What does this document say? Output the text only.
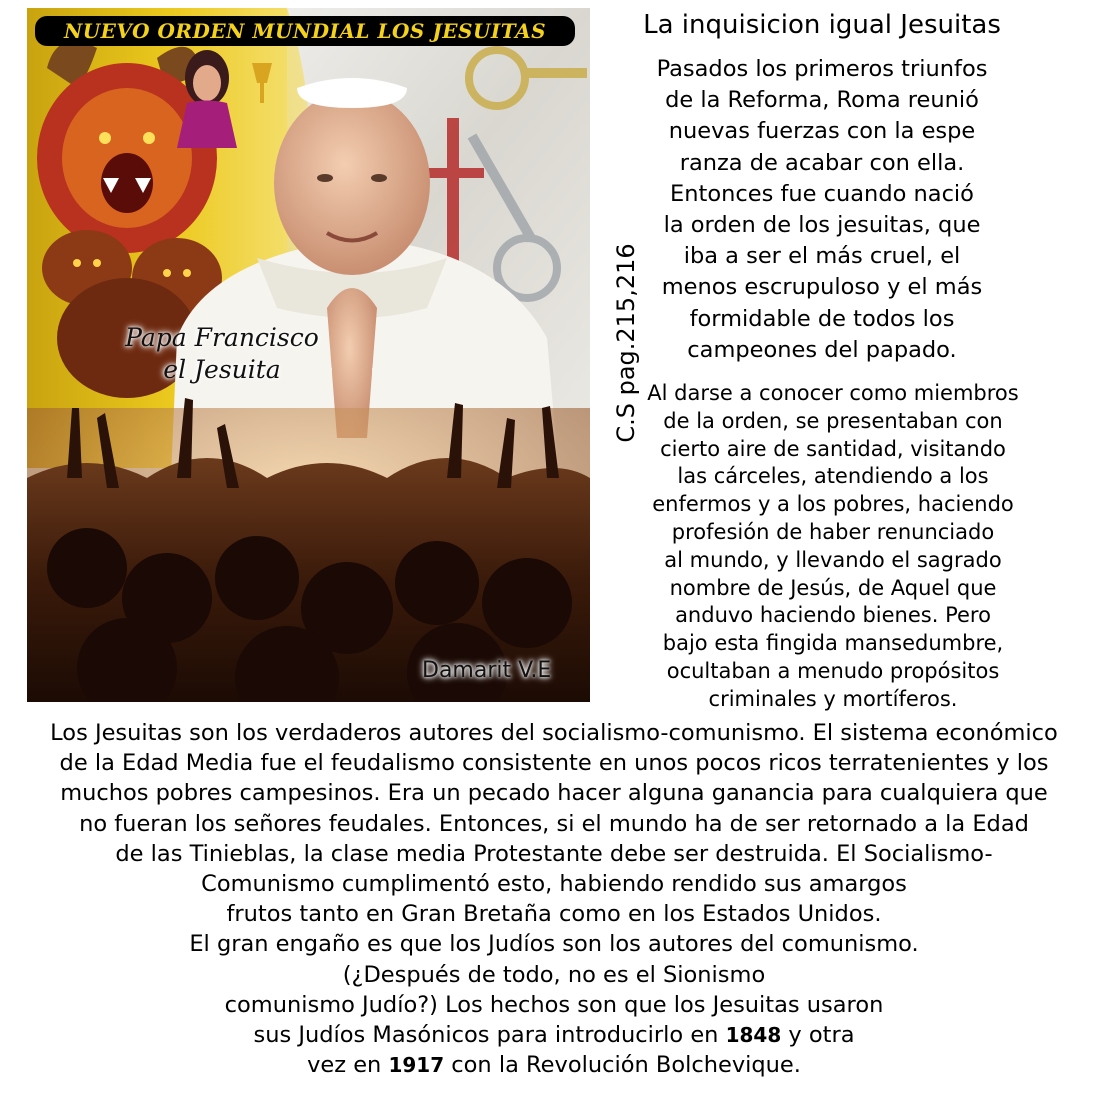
NUEVO ORDEN MUNDIAL LOS JESUITAS
Papa Francisco
el Jesuita
Damarit V.E
La inquisicion igual Jesuitas
C.S pag.215,216
Pasados los primeros triunfos
de la Reforma, Roma reunió
nuevas fuerzas con la espe
ranza de acabar con ella.
Entonces fue cuando nació
la orden de los jesuitas, que
iba a ser el más cruel, el
menos escrupuloso y el más
formidable de todos los
campeones del papado.
Al darse a conocer como miembros
de la orden, se presentaban con
cierto aire de santidad, visitando
las cárceles, atendiendo a los
enfermos y a los pobres, haciendo
profesión de haber renunciado
al mundo, y llevando el sagrado
nombre de Jesús, de Aquel que
anduvo haciendo bienes. Pero
bajo esta fingida mansedumbre,
ocultaban a menudo propósitos
criminales y mortíferos.
Los Jesuitas son los verdaderos autores del socialismo-comunismo. El sistema económico
de la Edad Media fue el feudalismo consistente en unos pocos ricos terratenientes y los
muchos pobres campesinos. Era un pecado hacer alguna ganancia para cualquiera que
no fueran los señores feudales. Entonces, si el mundo ha de ser retornado a la Edad
de las Tinieblas, la clase media Protestante debe ser destruida. El Socialismo-
Comunismo cumplimentó esto, habiendo rendido sus amargos
frutos tanto en Gran Bretaña como en los Estados Unidos.
El gran engaño es que los Judíos son los autores del comunismo.
(¿Después de todo, no es el Sionismo
comunismo Judío?) Los hechos son que los Jesuitas usaron
sus Judíos Masónicos para introducirlo en 1848 y otra
vez en 1917 con la Revolución Bolchevique.
